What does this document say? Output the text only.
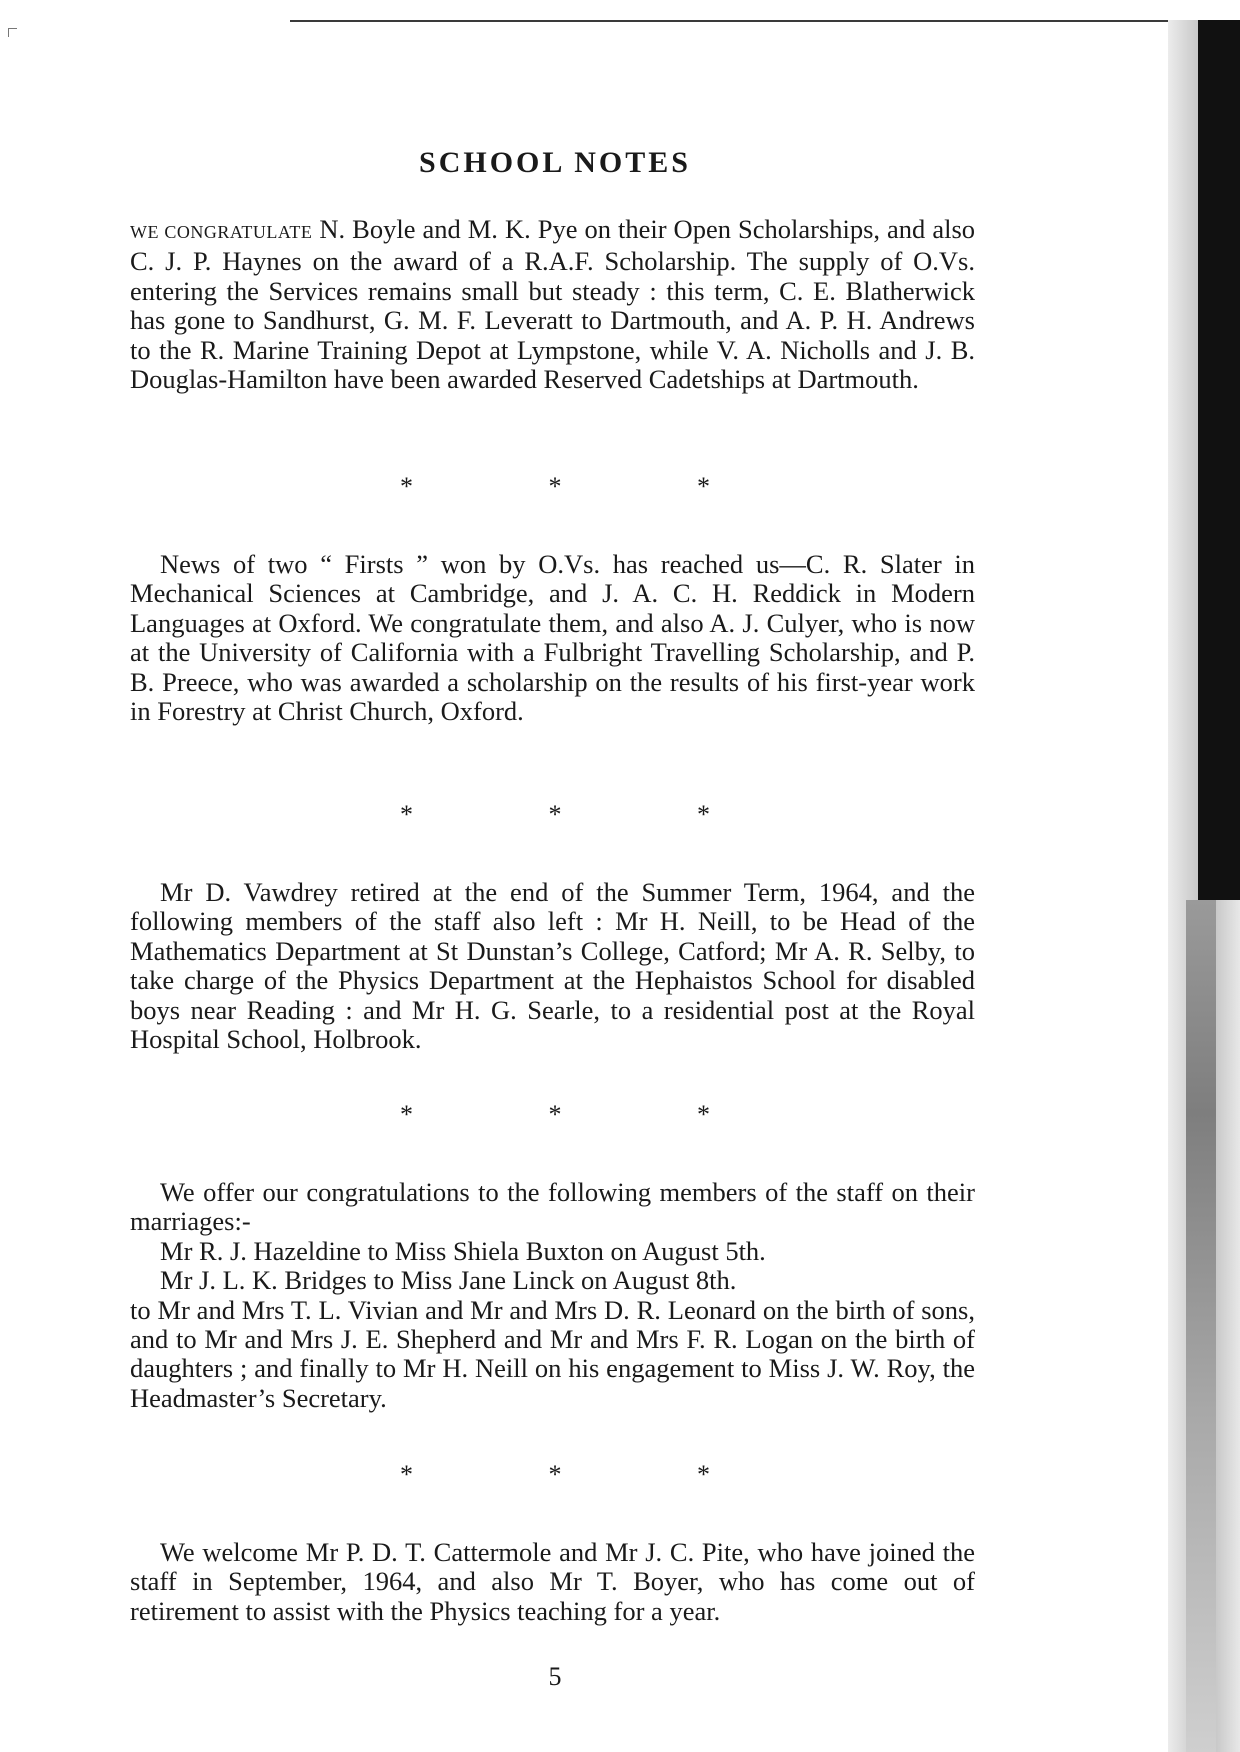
SCHOOL NOTES

WE CONGRATULATE N. Boyle and M. K. Pye on their Open Scholarships, and also C. J. P. Haynes on the award of a R.A.F. Scholarship. The supply of O.Vs. entering the Services remains small but steady : this term, C. E. Blatherwick has gone to Sandhurst, G. M. F. Leveratt to Dartmouth, and A. P. H. Andrews to the R. Marine Training Depot at Lympstone, while V. A. Nicholls and J. B. Douglas-Hamilton have been awarded Reserved Cadetships at Dartmouth.

*	*	*

News of two “ Firsts ” won by O.Vs. has reached us—C. R. Slater in Mechanical Sciences at Cambridge, and J. A. C. H. Reddick in Modern Languages at Oxford. We congratulate them, and also A. J. Culyer, who is now at the University of California with a Fulbright Travelling Scholarship, and P. B. Preece, who was awarded a scholarship on the results of his first-year work in Forestry at Christ Church, Oxford.

*	*	*

Mr D. Vawdrey retired at the end of the Summer Term, 1964, and the following members of the staff also left : Mr H. Neill, to be Head of the Mathematics Department at St Dunstan’s College, Catford; Mr A. R. Selby, to take charge of the Physics Department at the Hephaistos School for disabled boys near Reading : and Mr H. G. Searle, to a residential post at the Royal Hospital School, Holbrook.

*	*	*

We offer our congratulations to the following members of the staff on their marriages:-

Mr R. J. Hazeldine to Miss Shiela Buxton on August 5th.

Mr J. L. K. Bridges to Miss Jane Linck on August 8th.

to Mr and Mrs T. L. Vivian and Mr and Mrs D. R. Leonard on the birth of sons, and to Mr and Mrs J. E. Shepherd and Mr and Mrs F. R. Logan on the birth of daughters ; and finally to Mr H. Neill on his engagement to Miss J. W. Roy, the Headmaster’s Secretary.

*	*	*

We welcome Mr P. D. T. Cattermole and Mr J. C. Pite, who have joined the staff in September, 1964, and also Mr T. Boyer, who has come out of retirement to assist with the Physics teaching for a year.

5
